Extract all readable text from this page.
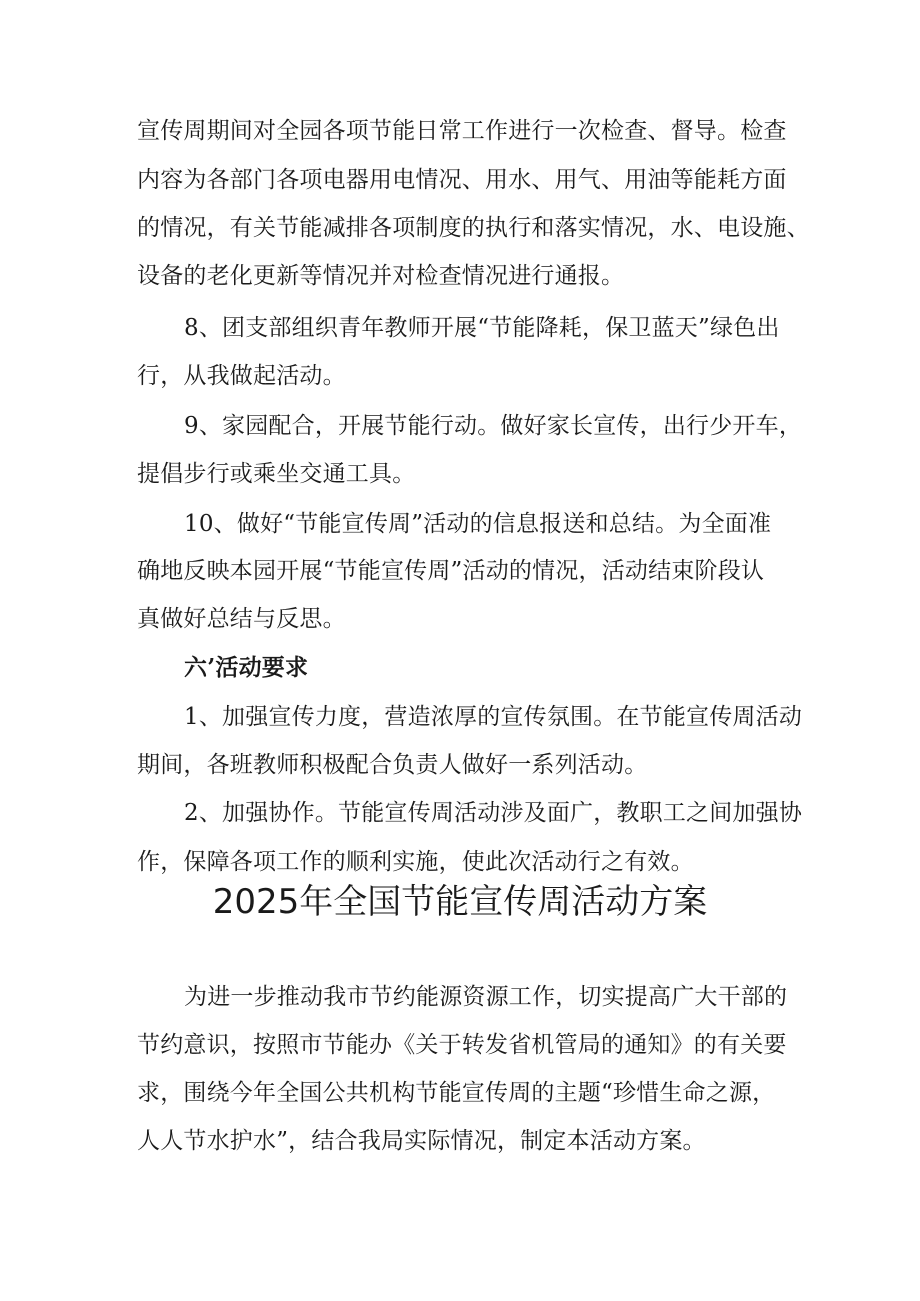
宣传周期间对全园各项节能日常工作进行一次检查、督导。检查
内容为各部门各项电器用电情况、用水、用气、用油等能耗方面
的情况，有关节能减排各项制度的执行和落实情况，水、电设施、
设备的老化更新等情况并对检查情况进行通报。
8、团支部组织青年教师开展“节能降耗，保卫蓝天”绿色出
行，从我做起活动。
9、家园配合，开展节能行动。做好家长宣传，出行少开车，
提倡步行或乘坐交通工具。
10、做好“节能宣传周”活动的信息报送和总结。为全面准
确地反映本园开展“节能宣传周”活动的情况，活动结束阶段认
真做好总结与反思。
六’活动要求
1、加强宣传力度，营造浓厚的宣传氛围。在节能宣传周活动
期间，各班教师积极配合负责人做好一系列活动。
2、加强协作。节能宣传周活动涉及面广，教职工之间加强协
作，保障各项工作的顺利实施，使此次活动行之有效。
2025年全国节能宣传周活动方案
为进一步推动我市节约能源资源工作，切实提高广大干部的
节约意识，按照市节能办《关于转发省机管局的通知》的有关要
求，围绕今年全国公共机构节能宣传周的主题“珍惜生命之源，
人人节水护水”，结合我局实际情况，制定本活动方案。
